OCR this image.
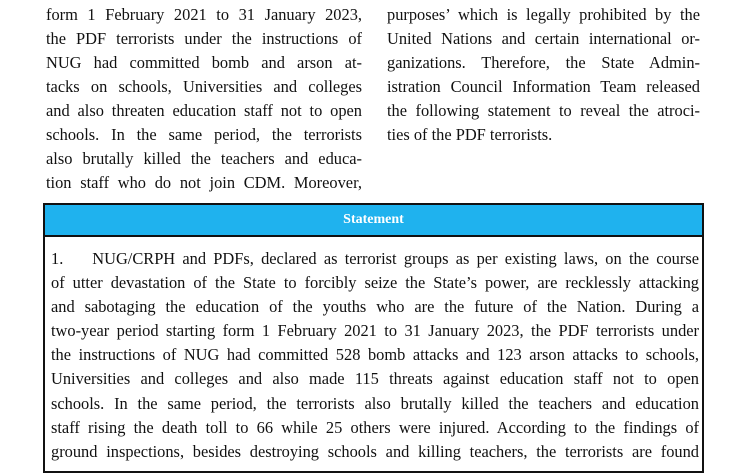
form 1 February 2021 to 31 January 2023,
the PDF terrorists under the instructions of
NUG had committed bomb and arson at-
tacks on schools, Universities and colleges
and also threaten education staff not to open
schools. In the same period, the terrorists
also brutally killed the teachers and educa-
tion staff who do not join CDM. Moreover,
purposes’ which is legally prohibited by the
United Nations and certain international or-
ganizations. Therefore, the State Admin-
istration Council Information Team released
the following statement to reveal the atroci-
ties of the PDF terrorists.
Statement
1.    NUG/CRPH and PDFs, declared as terrorist groups as per existing laws, on the course
of utter devastation of the State to forcibly seize the State’s power, are recklessly attacking
and sabotaging the education of the youths who are the future of the Nation. During a
two-year period starting form 1 February 2021 to 31 January 2023, the PDF terrorists under
the instructions of NUG had committed 528 bomb attacks and 123 arson attacks to schools,
Universities and colleges and also made 115 threats against education staff not to open
schools. In the same period, the terrorists also brutally killed the teachers and education
staff rising the death toll to 66 while 25 others were injured. According to the findings of
ground inspections, besides destroying schools and killing teachers, the terrorists are found
